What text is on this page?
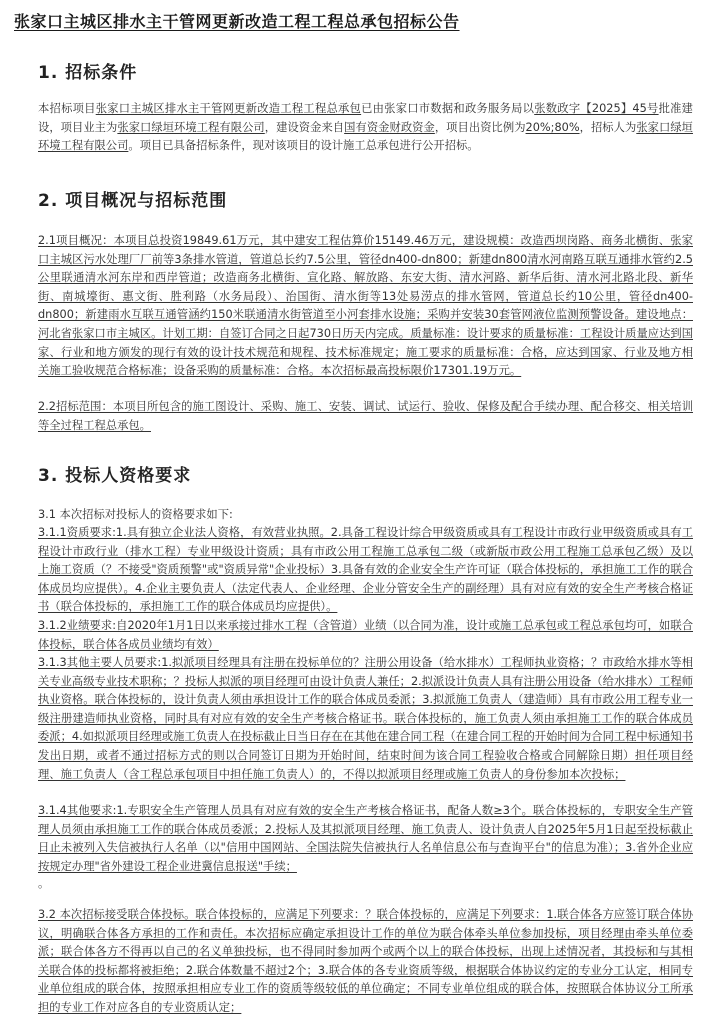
张家口主城区排水主干管网更新改造工程工程总承包招标公告
1. 招标条件

本招标项目张家口主城区排水主干管网更新改造工程工程总承包已由张家口市数据和政务服务局以张数政字【2025】45号批准建设，项目业主为张家口绿垣环境工程有限公司，建设资金来自国有资金财政资金，项目出资比例为20%;80%，招标人为张家口绿垣环境工程有限公司。项目已具备招标条件，现对该项目的设计施工总承包进行公开招标。

2. 项目概况与招标范围

2.1项目概况：本项目总投资19849.61万元，其中建安工程估算价15149.46万元，建设规模：改造西坝岗路、商务北横街、张家口主城区污水处理厂厂前等3条排水管道，管道总长约7.5公里，管径dn400-dn800；新建dn800清水河南路互联互通排水管约2.5公里联通清水河东岸和西岸管道；改造商务北横街、宣化路、解放路、东安大街、清水河路、新华后街、清水河北路北段、新华街、南城壕街、惠文街、胜利路（水务局段）、治国街、清水街等13处易涝点的排水管网，管道总长约10公里，管径dn400-dn800；新建雨水互联互通管涵约150米联通清水街管道至小河套排水设施；采购并安装30套管网液位监测预警设备。建设地点：河北省张家口市主城区。计划工期：自签订合同之日起730日历天内完成。质量标准：设计要求的质量标准：工程设计质量应达到国家、行业和地方颁发的现行有效的设计技术规范和规程、技术标准规定；施工要求的质量标准：合格，应达到国家、行业及地方相关施工验收规范合格标准；设备采购的质量标准：合格。本次招标最高投标限价17301.19万元。

2.2招标范围：本项目所包含的施工图设计、采购、施工、安装、调试、试运行、验收、保修及配合手续办理、配合移交、相关培训等全过程工程总承包。

3. 投标人资格要求

3.1 本次招标对投标人的资格要求如下:

3.1.1资质要求:1.具有独立企业法人资格，有效营业执照。2.具备工程设计综合甲级资质或具有工程设计市政行业甲级资质或具有工程设计市政行业（排水工程）专业甲级设计资质；具有市政公用工程施工总承包二级（或新版市政公用工程施工总承包乙级）及以上施工资质（？不接受"资质预警"或"资质异常"企业投标）3.具备有效的企业安全生产许可证（联合体投标的，承担施工工作的联合体成员均应提供）。4.企业主要负责人（法定代表人、企业经理、企业分管安全生产的副经理）具有对应有效的安全生产考核合格证书（联合体投标的，承担施工工作的联合体成员均应提供）。

3.1.2业绩要求:自2020年1月1日以来承接过排水工程（含管道）业绩（以合同为准，设计或施工总承包或工程总承包均可，如联合体投标，联合体各成员业绩均有效）

3.1.3其他主要人员要求:1.拟派项目经理具有注册在投标单位的？注册公用设备（给水排水）工程师执业资格；？市政给水排水等相关专业高级专业技术职称；？投标人拟派的项目经理可由设计负责人兼任；2.拟派设计负责人具有注册公用设备（给水排水）工程师执业资格。联合体投标的，设计负责人须由承担设计工作的联合体成员委派；3.拟派施工负责人（建造师）具有市政公用工程专业一级注册建造师执业资格，同时具有对应有效的安全生产考核合格证书。联合体投标的，施工负责人须由承担施工工作的联合体成员委派；4.如拟派项目经理或施工负责人在投标截止日当日存在在其他在建合同工程（在建合同工程的开始时间为合同工程中标通知书发出日期，或者不通过招标方式的则以合同签订日期为开始时间，结束时间为该合同工程验收合格或合同解除日期）担任项目经理、施工负责人（含工程总承包项目中担任施工负责人）的，不得以拟派项目经理或施工负责人的身份参加本次投标；

3.1.4其他要求:1.专职安全生产管理人员具有对应有效的安全生产考核合格证书，配备人数≥3个。联合体投标的，专职安全生产管理人员须由承担施工工作的联合体成员委派；2.投标人及其拟派项目经理、施工负责人、设计负责人自2025年5月1日起至投标截止日止未被列入失信被执行人名单（以"信用中国网站、全国法院失信被执行人名单信息公布与查询平台"的信息为准）；3.省外企业应按规定办理"省外建设工程企业进冀信息报送"手续；

。

3.2 本次招标接受联合体投标。联合体投标的，应满足下列要求：？联合体投标的，应满足下列要求：1.联合体各方应签订联合体协议，明确联合体各方承担的工作和责任。本次招标应确定承担设计工作的单位为联合体牵头单位参加投标，项目经理由牵头单位委派；联合体各方不得再以自己的名义单独投标，也不得同时参加两个或两个以上的联合体投标，出现上述情况者，其投标和与其相关联合体的投标都将被拒绝；2.联合体数量不超过2个；3.联合体的各专业资质等级，根据联合体协议约定的专业分工认定，相同专业单位组成的联合体，按照承担相应专业工作的资质等级较低的单位确定；不同专业单位组成的联合体，按照联合体协议分工所承担的专业工作对应各自的专业资质认定；
